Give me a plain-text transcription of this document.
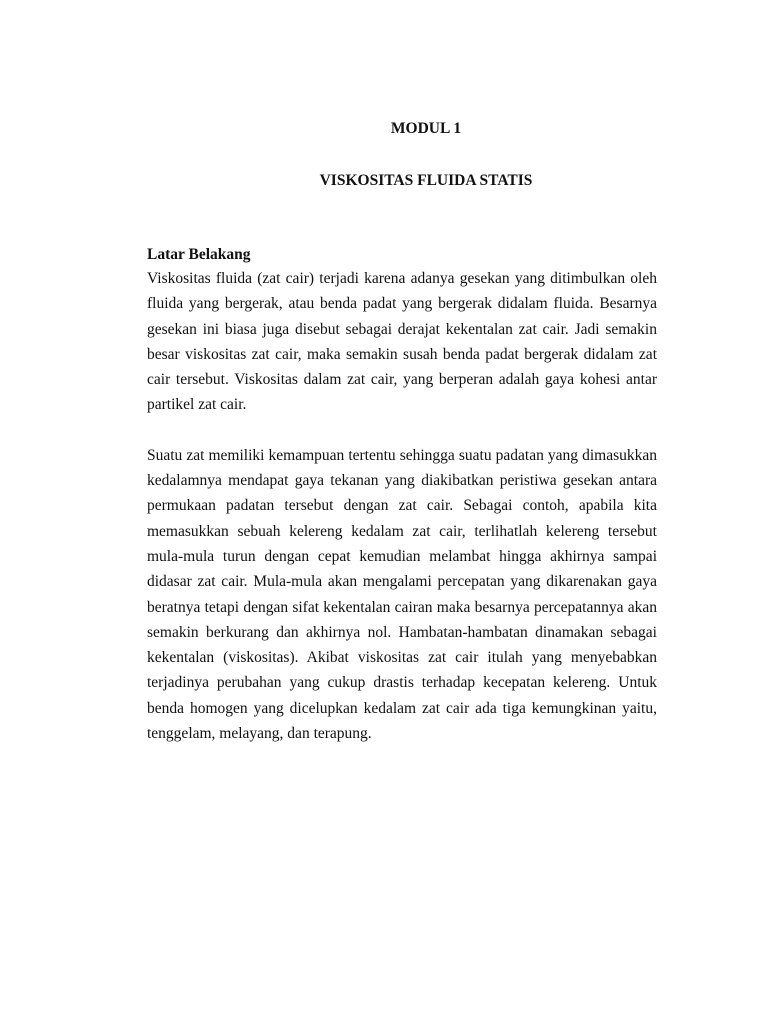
MODUL 1
VISKOSITAS FLUIDA STATIS

Latar Belakang

Viskositas fluida (zat cair) terjadi karena adanya gesekan yang ditimbulkan oleh fluida yang bergerak, atau benda padat yang bergerak didalam fluida. Besarnya gesekan ini biasa juga disebut sebagai derajat kekentalan zat cair. Jadi semakin besar viskositas zat cair, maka semakin susah benda padat bergerak didalam zat cair tersebut. Viskositas dalam zat cair, yang berperan adalah gaya kohesi antar partikel zat cair.

Suatu zat memiliki kemampuan tertentu sehingga suatu padatan yang dimasukkan kedalamnya mendapat gaya tekanan yang diakibatkan peristiwa gesekan antara permukaan padatan tersebut dengan zat cair. Sebagai contoh, apabila kita memasukkan sebuah kelereng kedalam zat cair, terlihatlah kelereng tersebut mula-mula turun dengan cepat kemudian melambat hingga akhirnya sampai didasar zat cair. Mula-mula akan mengalami percepatan yang dikarenakan gaya beratnya tetapi dengan sifat kekentalan cairan maka besarnya percepatannya akan semakin berkurang dan akhirnya nol. Hambatan-hambatan dinamakan sebagai kekentalan (viskositas). Akibat viskositas zat cair itulah yang menyebabkan terjadinya perubahan yang cukup drastis terhadap kecepatan kelereng. Untuk benda homogen yang dicelupkan kedalam zat cair ada tiga kemungkinan yaitu, tenggelam, melayang, dan terapung.
